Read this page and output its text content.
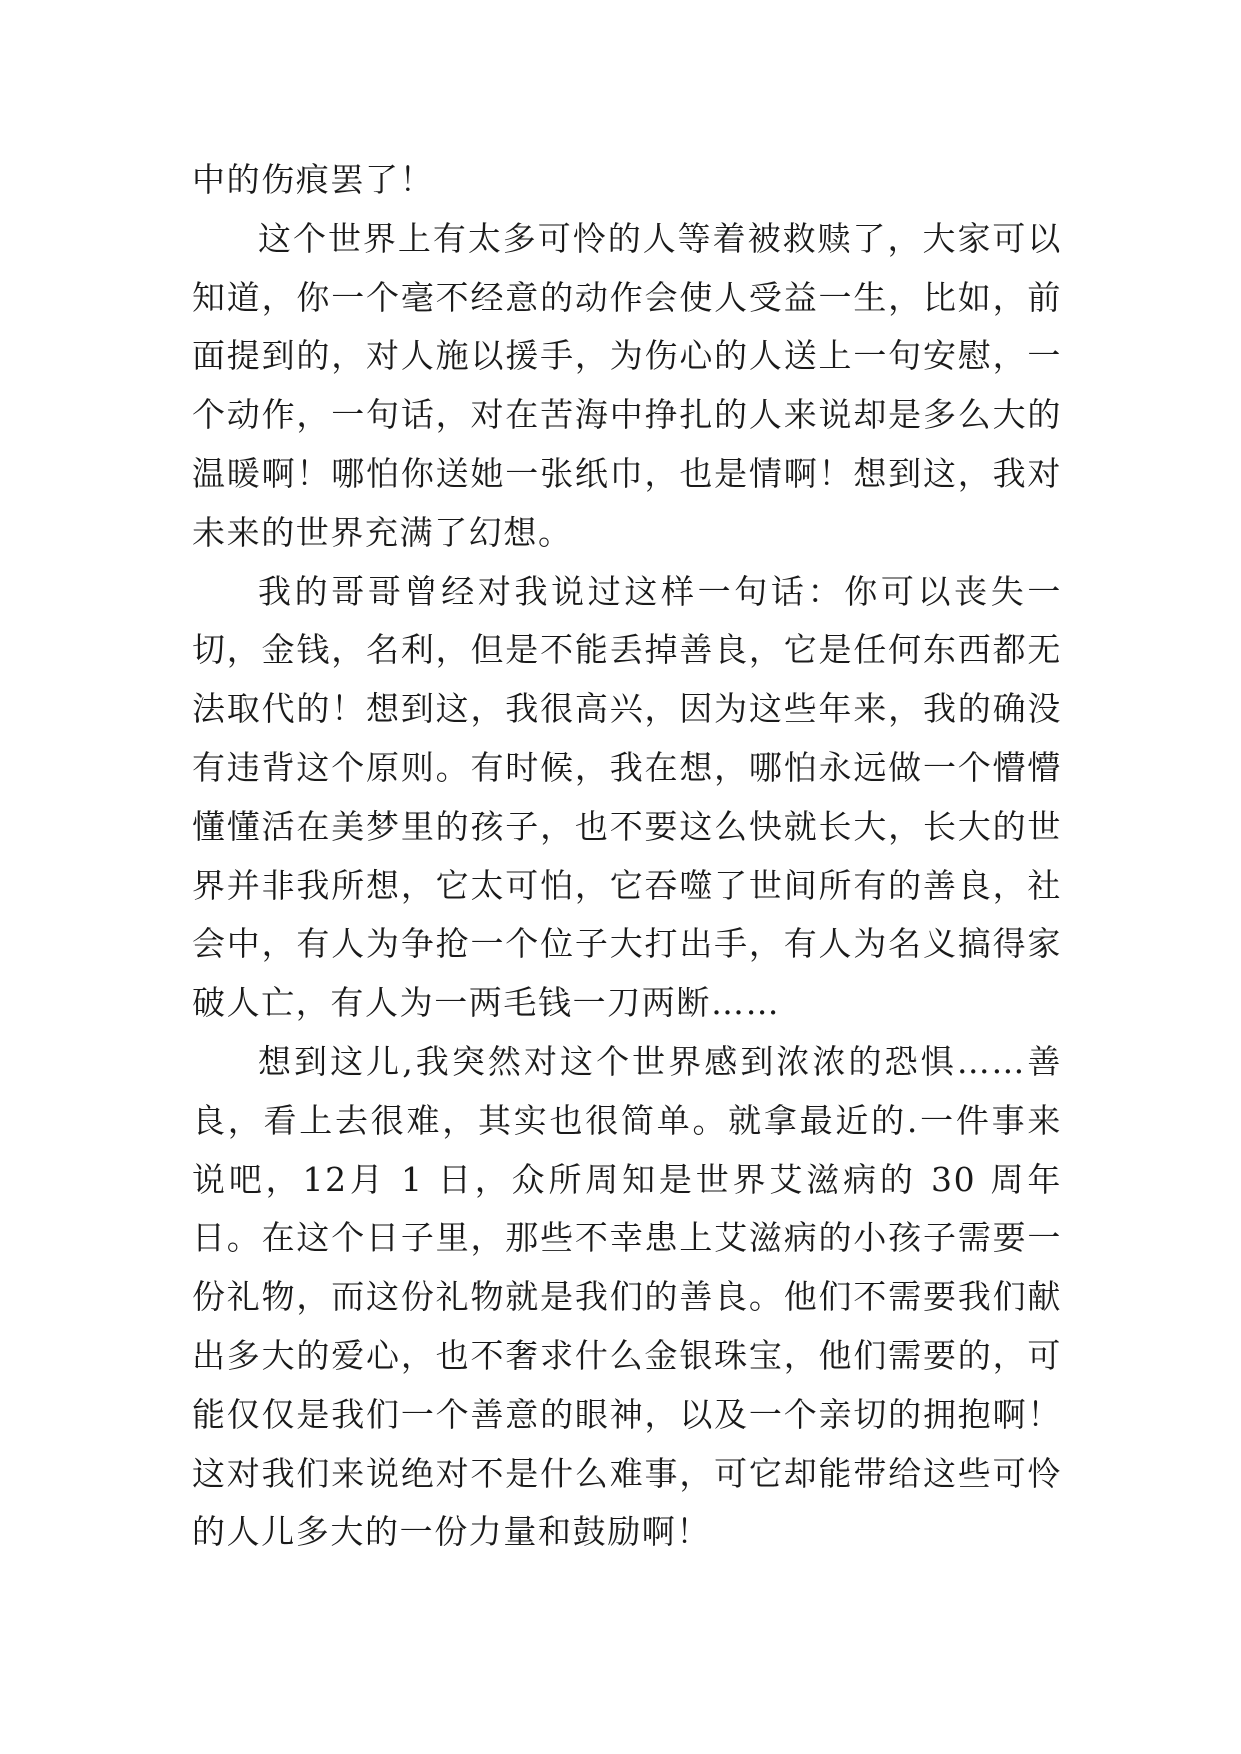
中的伤痕罢了！

这个世界上有太多可怜的人等着被救赎了，大家可以知道，你一个毫不经意的动作会使人受益一生，比如，前面提到的，对人施以援手，为伤心的人送上一句安慰，一个动作，一句话，对在苦海中挣扎的人来说却是多么大的温暖啊！哪怕你送她一张纸巾，也是情啊！想到这，我对未来的世界充满了幻想。

我的哥哥曾经对我说过这样一句话：你可以丧失一切，金钱，名利，但是不能丢掉善良，它是任何东西都无法取代的！想到这，我很高兴，因为这些年来，我的确没有违背这个原则。有时候，我在想，哪怕永远做一个懵懵懂懂活在美梦里的孩子，也不要这么快就长大，长大的世界并非我所想，它太可怕，它吞噬了世间所有的善良，社会中，有人为争抢一个位子大打出手，有人为名义搞得家破人亡，有人为一两毛钱一刀两断……

想到这儿,我突然对这个世界感到浓浓的恐惧……善良，看上去很难，其实也很简单。就拿最近的.一件事来说吧，12月 1 日，众所周知是世界艾滋病的 30 周年日。在这个日子里，那些不幸患上艾滋病的小孩子需要一份礼物，而这份礼物就是我们的善良。他们不需要我们献出多大的爱心，也不奢求什么金银珠宝，他们需要的，可能仅仅是我们一个善意的眼神，以及一个亲切的拥抱啊！这对我们来说绝对不是什么难事，可它却能带给这些可怜的人儿多大的一份力量和鼓励啊！
